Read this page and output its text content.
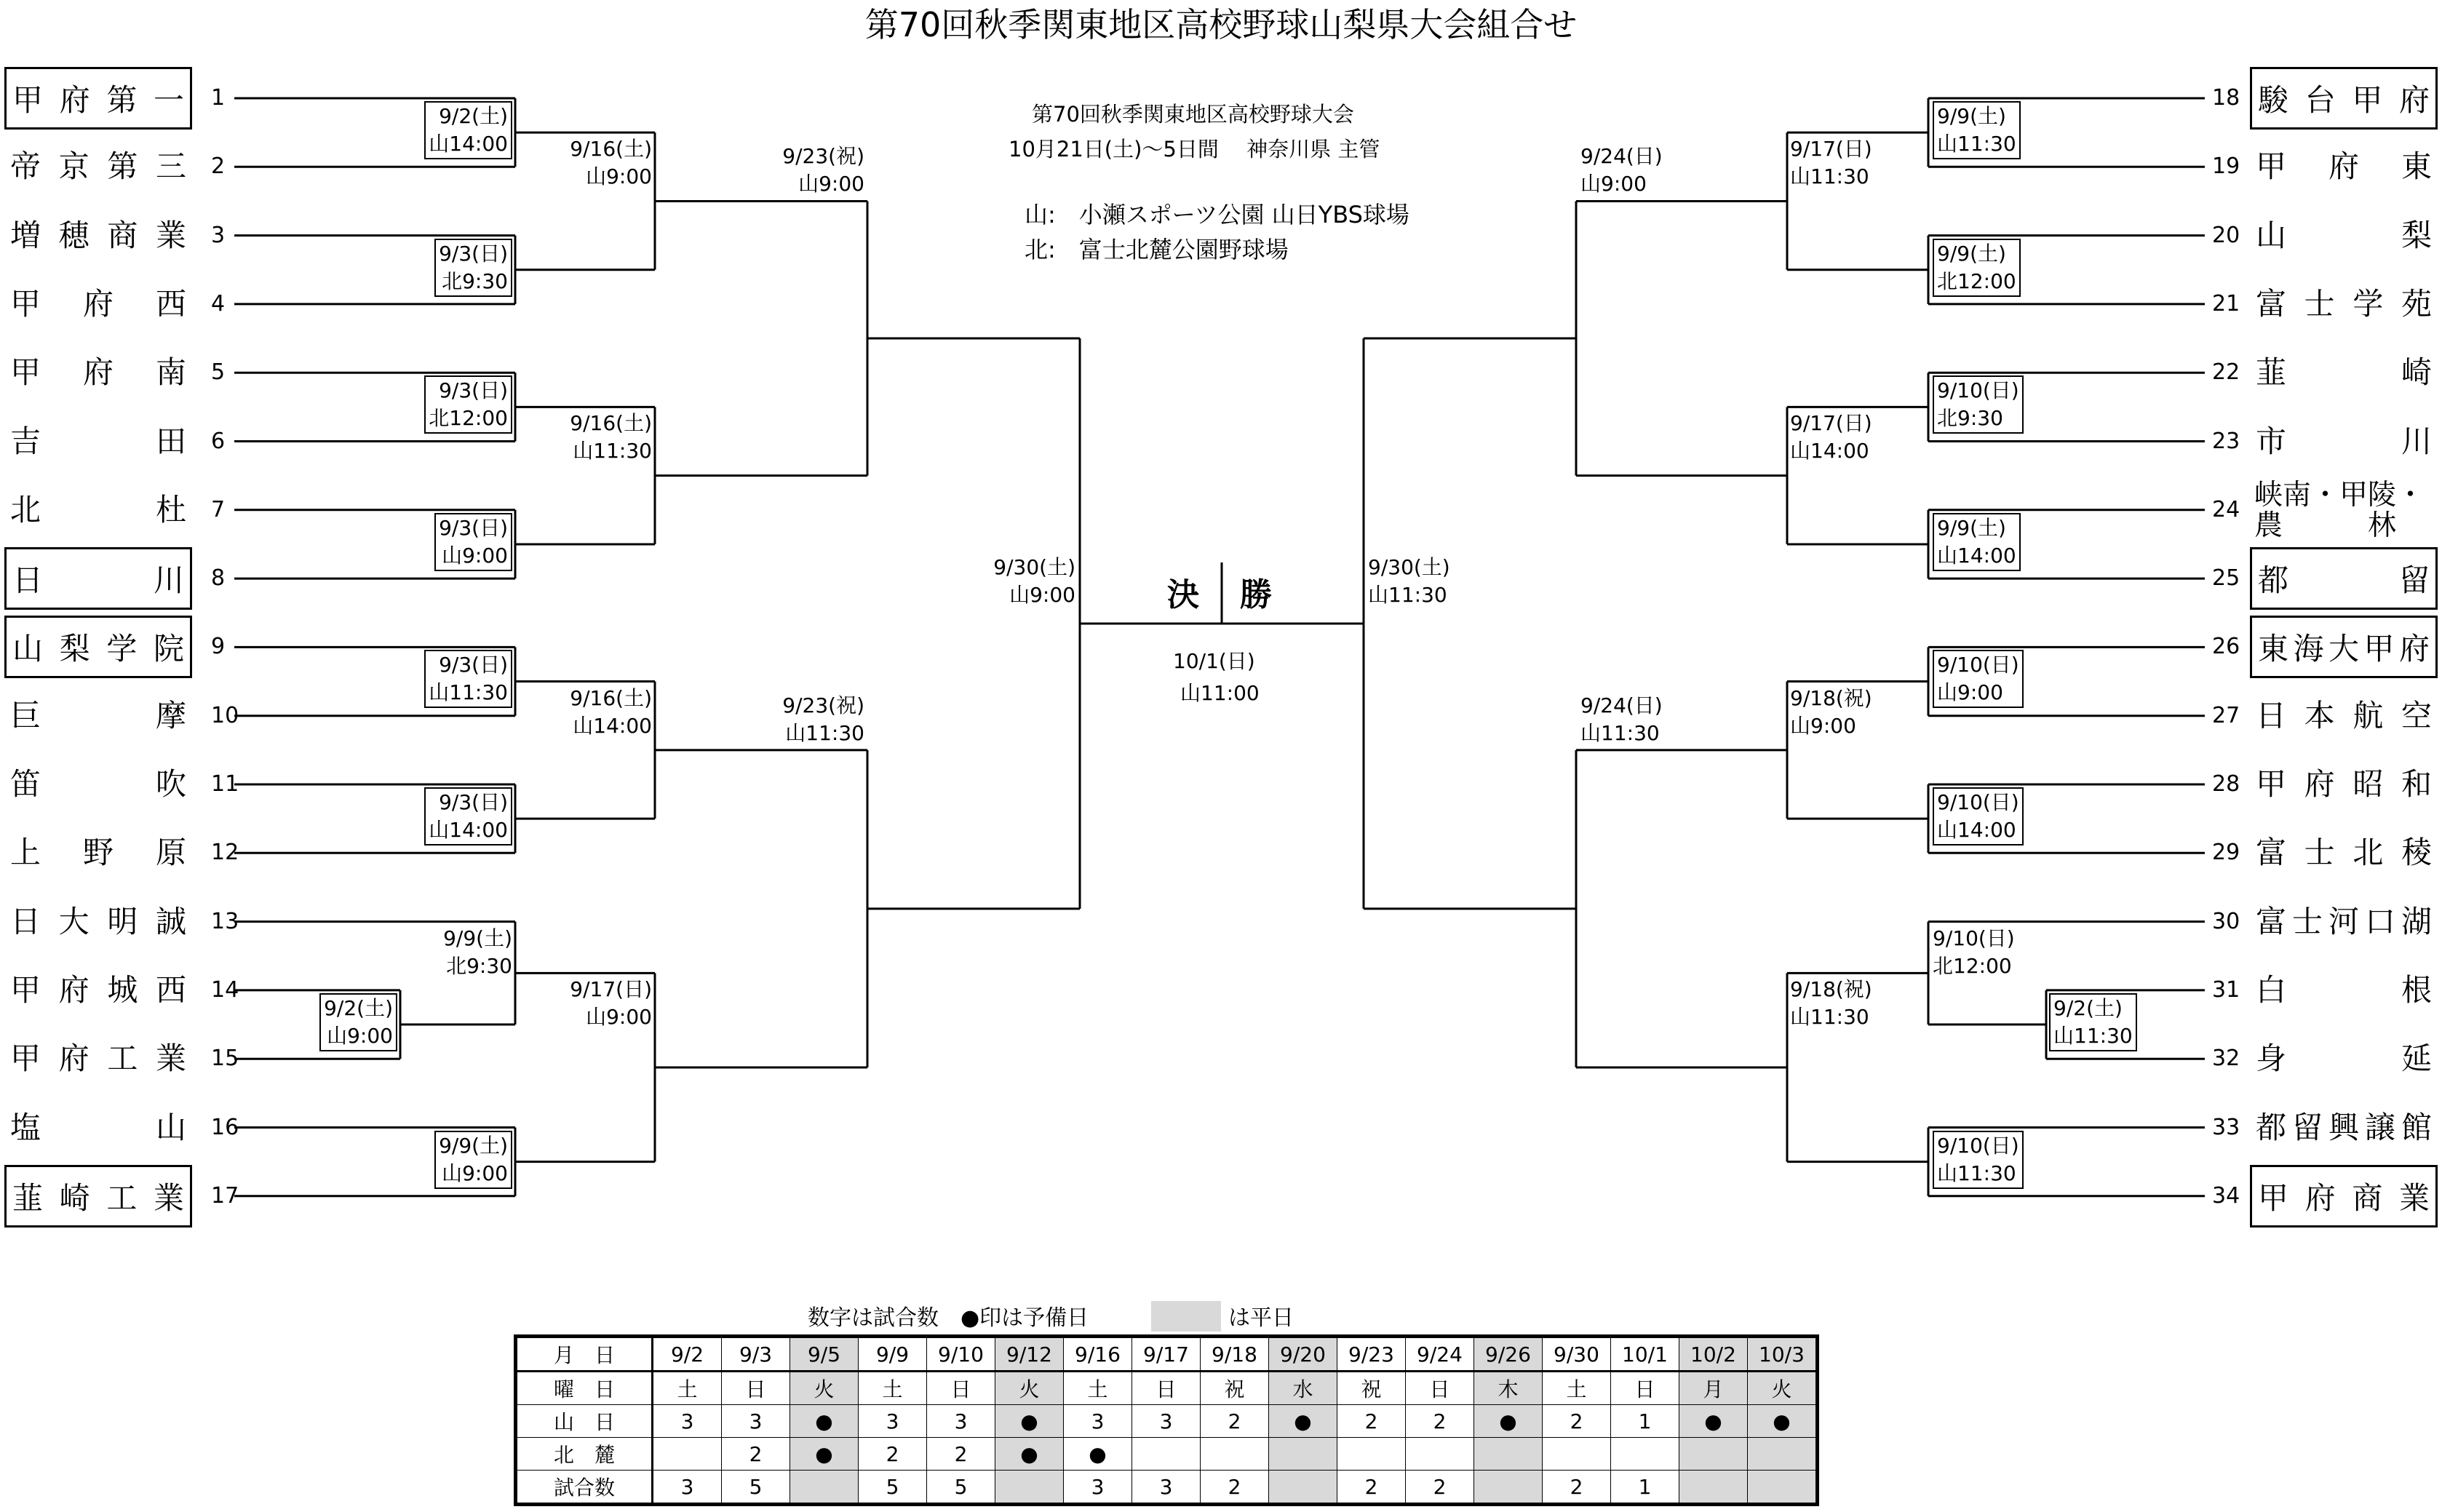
第70回秋季関東地区高校野球山梨県大会組合せ
第70回秋季関東地区高校野球大会
10月21日(土)～5日間　 神奈川県 主管
山:　小瀬スポーツ公園 山日YBS球場
北:　富士北麓公園野球場
甲 府 第 一 1
帝 京 第 三 2
増 穂 商 業 3
甲 府 西 4
甲 府 南 5
吉	田 6
北	杜 7
日	川 8
山 梨 学 院 9
巨	摩 10
笛	吹 11
上 野 原 12
日 大 明 誠 13
甲 府 城 西 14
甲 府 工 業 15
塩	山 16
韮 崎 工 業 17
駿 台 甲 府
18
甲 府 東
19
山	梨
20
富 士 学 苑
21
韮	崎
22
市	川
23
峡南・甲陵・
農　　　林
24
都	留
25
東 海 大 甲 府
26
日 本 航 空
27
甲 府 昭 和
28
富 士 北 稜
29
富 士 河 口 湖
30
白	根
31
身	延
32
都 留 興 譲 館
33
甲 府 商 業
34
9/2(土)
山14:00
9/3(日)
北9:30
9/3(日)
北12:00
9/3(日)
山9:00
9/3(日)
山11:30
9/3(日)
山14:00
9/9(土)
山9:00
9/2(土)
山9:00
9/9(土)
北9:30
9/16(土)
山9:00
9/16(土)
山11:30
9/16(土)
山14:00
9/17(日)
山9:00
9/23(祝)
山9:00
9/23(祝)
山11:30
9/30(土)
山9:00
9/9(土)
山11:30
9/9(土)
北12:00
9/10(日)
北9:30
9/9(土)
山14:00
9/10(日)
山9:00
9/10(日)
山14:00
9/10(日)
山11:30
9/2(土)
山11:30
9/10(日)
北12:00
9/17(日)
山11:30
9/17(日)
山14:00
9/18(祝)
山9:00
9/18(祝)
山11:30
9/24(日)
山9:00
9/24(日)
山11:30
9/30(土)
山11:30
決 勝
10/1(日)
山11:00
数字は試合数　●印は予備日	は平日
月　日	9/2	9/3	9/5	9/9	9/10	9/12	9/16	9/17	9/18	9/20	9/23	9/24	9/26	9/30	10/1	10/2	10/3
曜　日	土	日	火	土	日	火	土	日	祝	水	祝	日	木	土	日	月	火
山　日	3	3	●	3	3	●	3	3	2	●	2	2	●	2	1	●	●
北　麓		2	●	2	2	●	●										
試合数	3	5		5	5		3	3	2		2	2		2	1		
